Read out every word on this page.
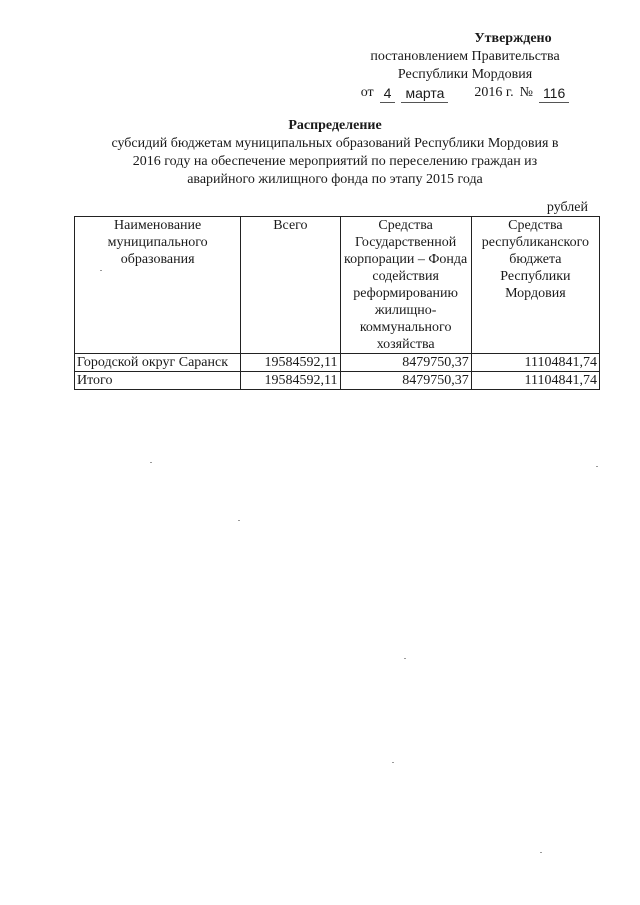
Утверждено
постановлением Правительства
Республики Мордовия
от 4 марта 2016 г. № 116
Распределение
субсидий бюджетам муниципальных образований Республики Мордовия в
2016 году на обеспечение мероприятий по переселению граждан из
аварийного жилищного фонда по этапу 2015 года
рублей
Наименование муниципального образования	Всего	Средства Государственной корпорации – Фонда содействия реформированию жилищно-коммунального хозяйства	Средства республиканского бюджета Республики Мордовия
Городской округ Саранск	19584592,11	8479750,37	11104841,74
Итого	19584592,11	8479750,37	11104841,74
